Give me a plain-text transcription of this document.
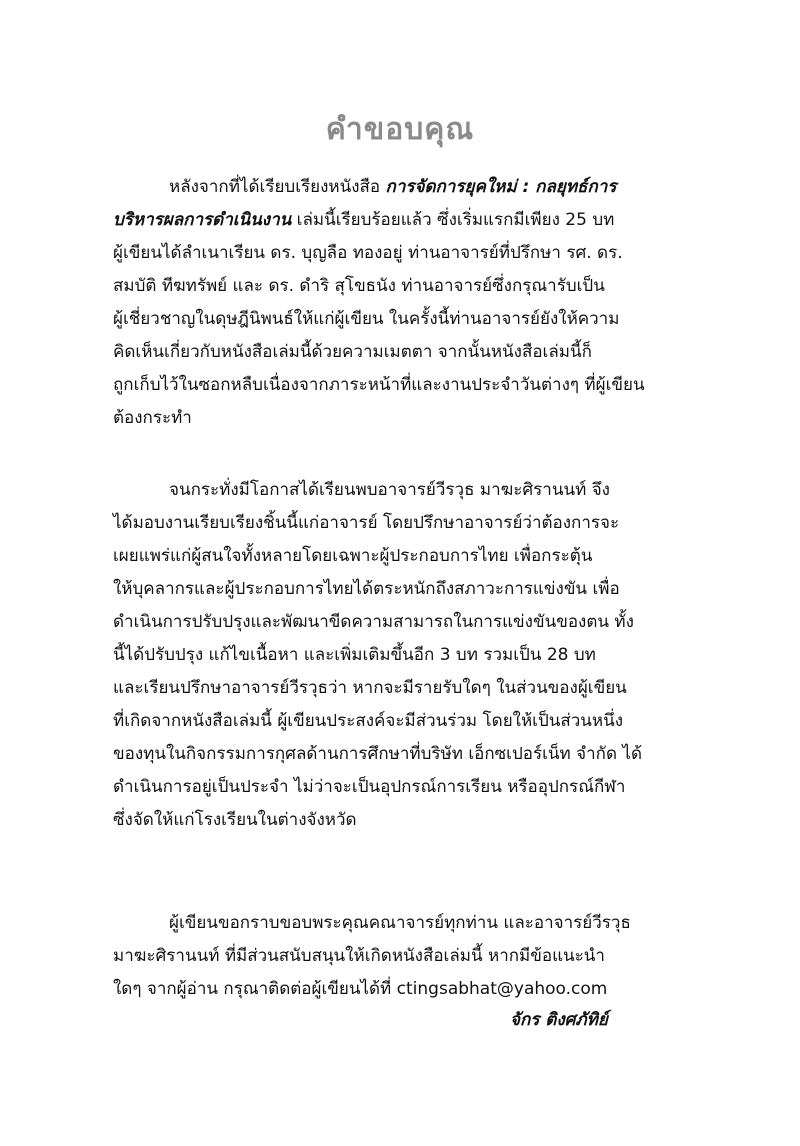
คำขอบคุณ
หลังจากที่ได้เรียบเรียงหนังสือ การจัดการยุคใหม่ : กลยุทธ์การ
บริหารผลการดำเนินงาน เล่มนี้เรียบร้อยแล้ว ซึ่งเริ่มแรกมีเพียง 25 บท
ผู้เขียนได้ลำเนาเรียน ดร. บุญลือ ทองอยู่ ท่านอาจารย์ที่ปรึกษา รศ. ดร.
สมบัติ ทีฆทรัพย์ และ ดร. ดำริ สุโขธนัง ท่านอาจารย์ซึ่งกรุณารับเป็น
ผู้เชี่ยวชาญในดุษฎีนิพนธ์ให้แก่ผู้เขียน ในครั้งนี้ท่านอาจารย์ยังให้ความ
คิดเห็นเกี่ยวกับหนังสือเล่มนี้ด้วยความเมตตา จากนั้นหนังสือเล่มนี้ก็
ถูกเก็บไว้ในซอกหลืบเนื่องจากภาระหน้าที่และงานประจำวันต่างๆ ที่ผู้เขียน
ต้องกระทำ
จนกระทั่งมีโอกาสได้เรียนพบอาจารย์วีรวุธ มาฆะศิรานนท์ จึง
ได้มอบงานเรียบเรียงชิ้นนี้แก่อาจารย์ โดยปรึกษาอาจารย์ว่าต้องการจะ
เผยแพร่แก่ผู้สนใจทั้งหลายโดยเฉพาะผู้ประกอบการไทย เพื่อกระตุ้น
ให้บุคลากรและผู้ประกอบการไทยได้ตระหนักถึงสภาวะการแข่งขัน เพื่อ
ดำเนินการปรับปรุงและพัฒนาขีดความสามารถในการแข่งขันของตน ทั้ง
นี้ได้ปรับปรุง แก้ไขเนื้อหา และเพิ่มเติมขึ้นอีก 3 บท รวมเป็น 28 บท
และเรียนปรึกษาอาจารย์วีรวุธว่า หากจะมีรายรับใดๆ ในส่วนของผู้เขียน
ที่เกิดจากหนังสือเล่มนี้ ผู้เขียนประสงค์จะมีส่วนร่วม โดยให้เป็นส่วนหนึ่ง
ของทุนในกิจกรรมการกุศลด้านการศึกษาที่บริษัท เอ็กซเปอร์เน็ท จำกัด ได้
ดำเนินการอยู่เป็นประจำ ไม่ว่าจะเป็นอุปกรณ์การเรียน หรืออุปกรณ์กีฬา
ซึ่งจัดให้แก่โรงเรียนในต่างจังหวัด
ผู้เขียนขอกราบขอบพระคุณคณาจารย์ทุกท่าน และอาจารย์วีรวุธ
มาฆะศิรานนท์ ที่มีส่วนสนับสนุนให้เกิดหนังสือเล่มนี้ หากมีข้อแนะนำ
ใดๆ จากผู้อ่าน กรุณาติดต่อผู้เขียนได้ที่ ctingsabhat@yahoo.com
จักร ติงศภัทิย์
